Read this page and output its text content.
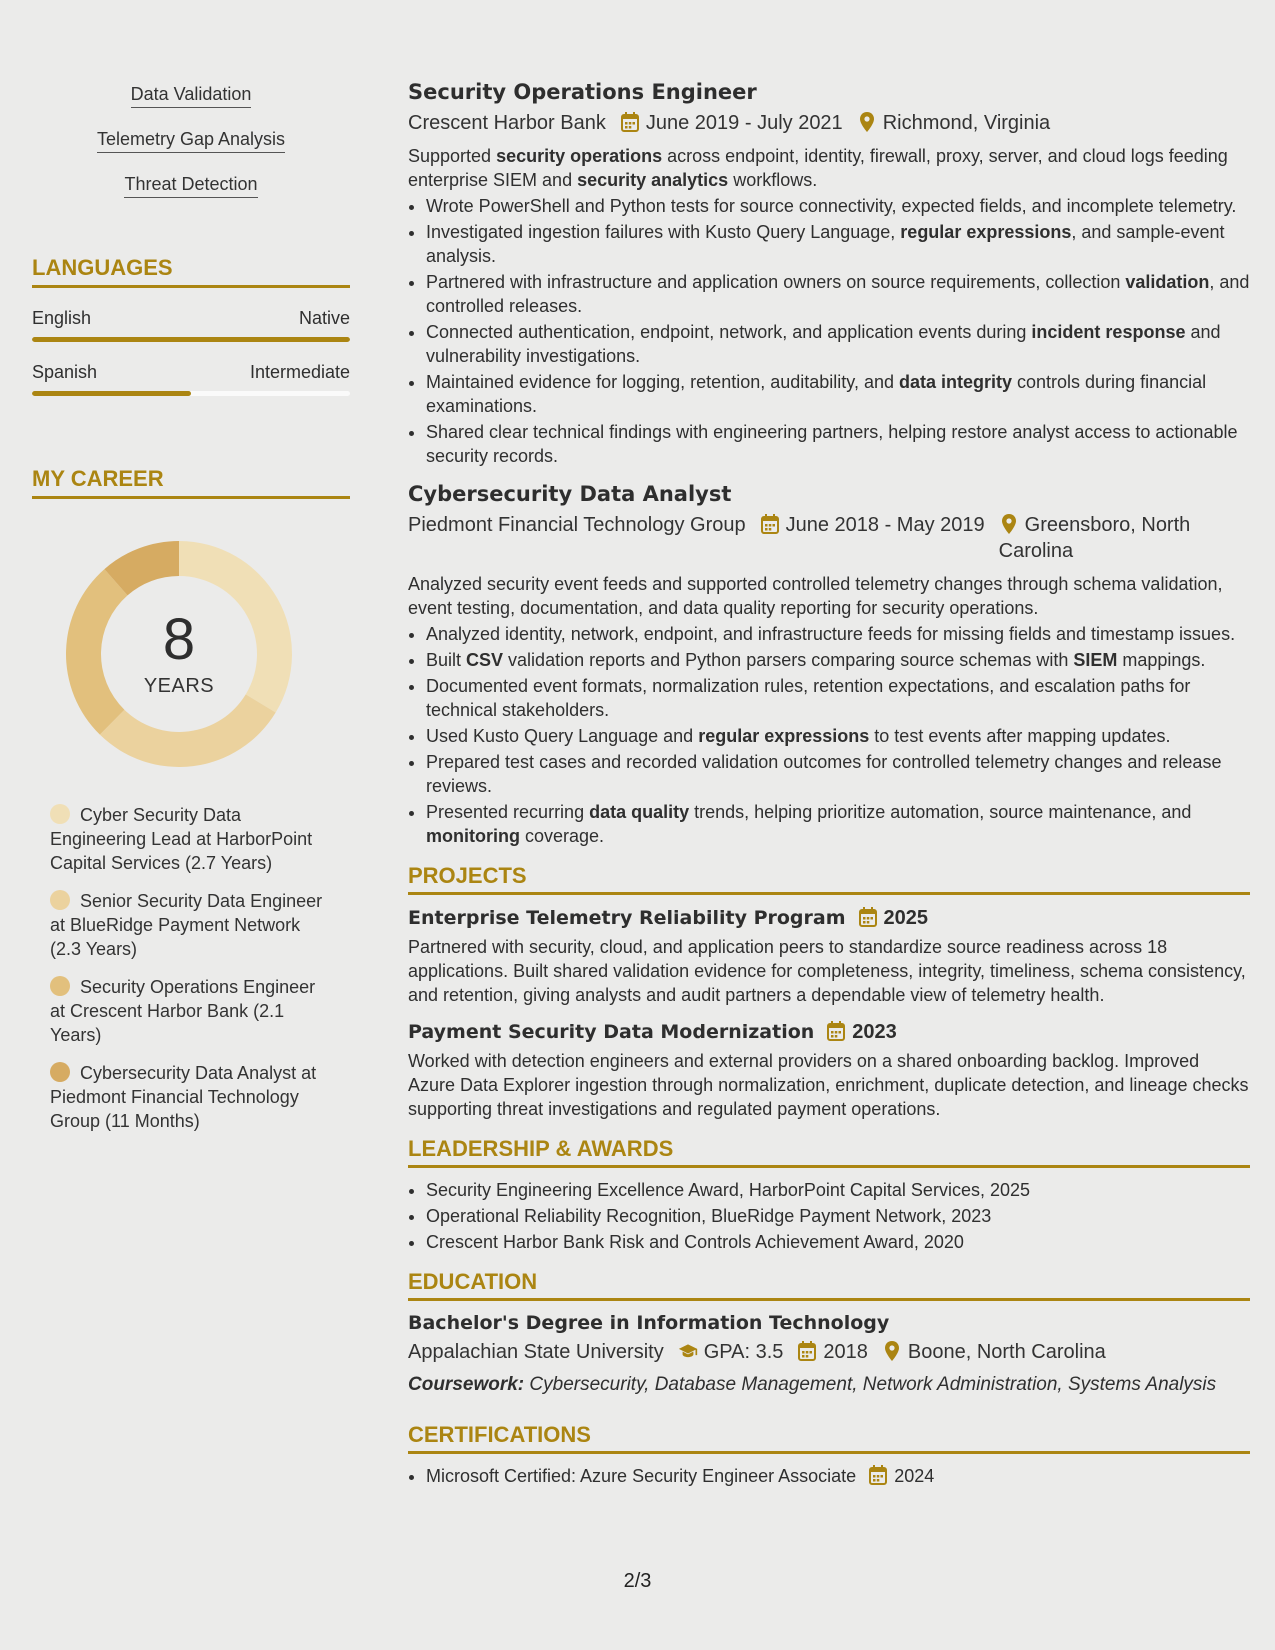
Data Validation
Telemetry Gap Analysis
Threat Detection
LANGUAGES
English	Native
Spanish	Intermediate
MY CAREER
8
YEARS
Cyber Security Data Engineering Lead at HarborPoint Capital Services (2.7 Years)
Senior Security Data Engineer at BlueRidge Payment Network (2.3 Years)
Security Operations Engineer at Crescent Harbor Bank (2.1 Years)
Cybersecurity Data Analyst at Piedmont Financial Technology Group (11 Months)
Security Operations Engineer
Crescent Harbor Bank	June 2019 - July 2021	Richmond, Virginia

Supported security operations across endpoint, identity, firewall, proxy, server, and cloud logs feeding enterprise SIEM and security analytics workflows.

• Wrote PowerShell and Python tests for source connectivity, expected fields, and incomplete telemetry.
• Investigated ingestion failures with Kusto Query Language, regular expressions, and sample-event analysis.
• Partnered with infrastructure and application owners on source requirements, collection validation, and controlled releases.
• Connected authentication, endpoint, network, and application events during incident response and vulnerability investigations.
• Maintained evidence for logging, retention, auditability, and data integrity controls during financial examinations.
• Shared clear technical findings with engineering partners, helping restore analyst access to actionable security records.
Cybersecurity Data Analyst
Piedmont Financial Technology Group	June 2018 - May 2019	Greensboro, North Carolina

Analyzed security event feeds and supported controlled telemetry changes through schema validation, event testing, documentation, and data quality reporting for security operations.

• Analyzed identity, network, endpoint, and infrastructure feeds for missing fields and timestamp issues.
• Built CSV validation reports and Python parsers comparing source schemas with SIEM mappings.
• Documented event formats, normalization rules, retention expectations, and escalation paths for technical stakeholders.
• Used Kusto Query Language and regular expressions to test events after mapping updates.
• Prepared test cases and recorded validation outcomes for controlled telemetry changes and release reviews.
• Presented recurring data quality trends, helping prioritize automation, source maintenance, and monitoring coverage.
PROJECTS
Enterprise Telemetry Reliability Program 2025

Partnered with security, cloud, and application peers to standardize source readiness across 18 applications. Built shared validation evidence for completeness, integrity, timeliness, schema consistency, and retention, giving analysts and audit partners a dependable view of telemetry health.

Payment Security Data Modernization 2023

Worked with detection engineers and external providers on a shared onboarding backlog. Improved Azure Data Explorer ingestion through normalization, enrichment, duplicate detection, and lineage checks supporting threat investigations and regulated payment operations.

LEADERSHIP & AWARDS
• Security Engineering Excellence Award, HarborPoint Capital Services, 2025
• Operational Reliability Recognition, BlueRidge Payment Network, 2023
• Crescent Harbor Bank Risk and Controls Achievement Award, 2020
EDUCATION
Bachelor's Degree in Information Technology
Appalachian State University	GPA: 3.5	2018	Boone, North Carolina
Coursework: Cybersecurity, Database Management, Network Administration, Systems Analysis
CERTIFICATIONS
• Microsoft Certified: Azure Security Engineer Associate 2024
2/3
